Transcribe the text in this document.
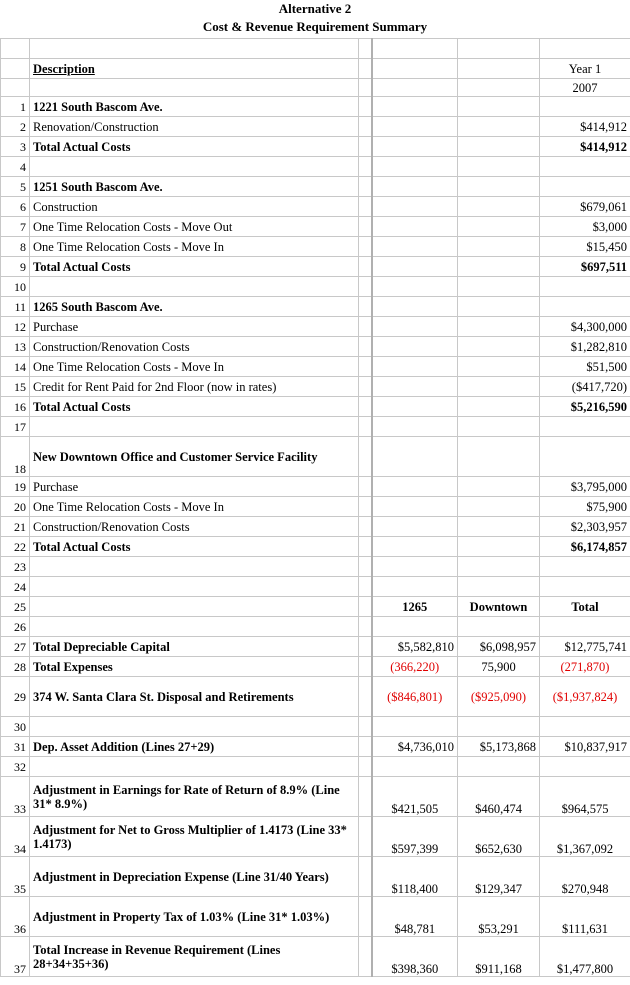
Alternative 2
Cost & Revenue Requirement Summary

	Description				Year 1
					2007
1	1221 South Bascom Ave.				
2	Renovation/Construction				$414,912
3	Total Actual Costs				$414,912
4					
5	1251 South Bascom Ave.				
6	Construction				$679,061
7	One Time Relocation Costs - Move Out				$3,000
8	One Time Relocation Costs - Move In				$15,450
9	Total Actual Costs				$697,511
10					
11	1265 South Bascom Ave.				
12	Purchase				$4,300,000
13	Construction/Renovation Costs				$1,282,810
14	One Time Relocation Costs - Move In				$51,500
15	Credit for Rent Paid for 2nd Floor (now in rates)				($417,720)
16	Total Actual Costs				$5,216,590
17					
18	New Downtown Office and Customer Service Facility				
19	Purchase				$3,795,000
20	One Time Relocation Costs - Move In				$75,900
21	Construction/Renovation Costs				$2,303,957
22	Total Actual Costs				$6,174,857
23					
24					
25			1265	Downtown	Total
26					
27	Total Depreciable Capital		$5,582,810	$6,098,957	$12,775,741
28	Total Expenses		(366,220)	75,900	(271,870)
29	374 W. Santa Clara St. Disposal and Retirements		($846,801)	($925,090)	($1,937,824)
30					
31	Dep. Asset Addition (Lines 27+29)		$4,736,010	$5,173,868	$10,837,917
32					
33	Adjustment in Earnings for Rate of Return of 8.9% (Line 31* 8.9%)		$421,505	$460,474	$964,575
34	Adjustment for Net to Gross Multiplier of 1.4173 (Line 33* 1.4173)		$597,399	$652,630	$1,367,092
35	Adjustment in Depreciation Expense (Line 31/40 Years)		$118,400	$129,347	$270,948
36	Adjustment in Property Tax of 1.03% (Line 31* 1.03%)		$48,781	$53,291	$111,631
37	Total Increase in Revenue Requirement (Lines 28+34+35+36)		$398,360	$911,168	$1,477,800
